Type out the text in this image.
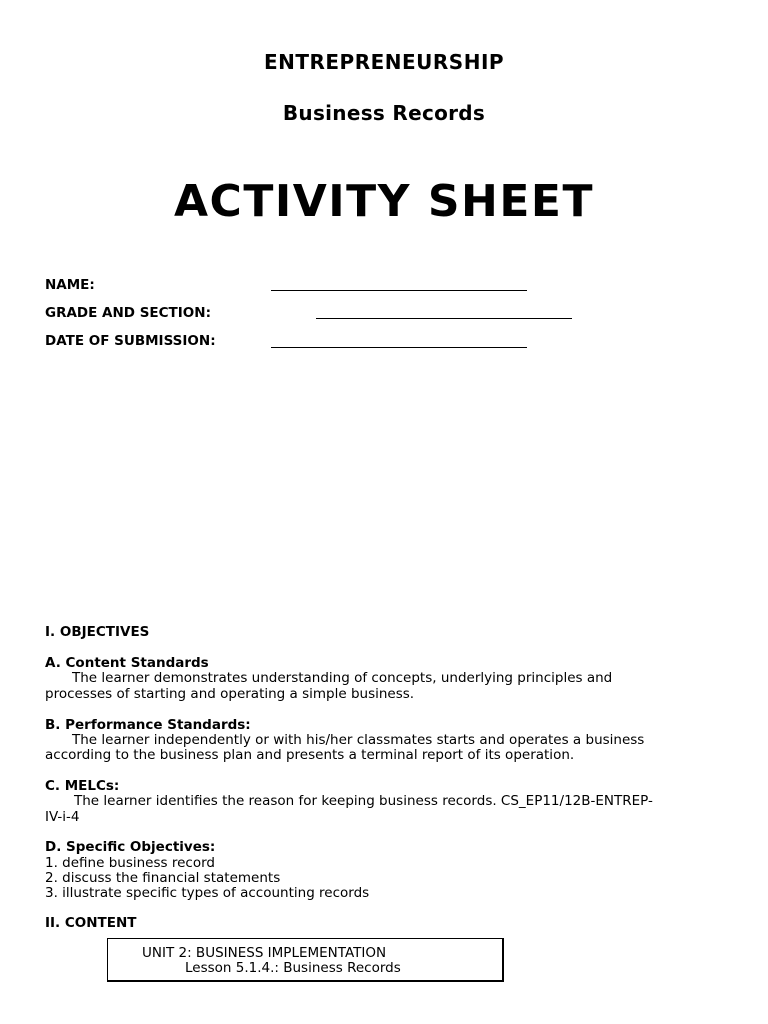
ENTREPRENEURSHIP
Business Records
ACTIVITY SHEET
NAME:
GRADE AND SECTION:
DATE OF SUBMISSION:
I. OBJECTIVES
A. Content Standards
The learner demonstrates understanding of concepts, underlying principles and
processes of starting and operating a simple business.
B. Performance Standards:
The learner independently or with his/her classmates starts and operates a business
according to the business plan and presents a terminal report of its operation.
C. MELCs:
The learner identifies the reason for keeping business records. CS_EP11/12B-ENTREP-
IV-i-4
D. Specific Objectives:
1. define business record
2. discuss the financial statements
3. illustrate specific types of accounting records
II. CONTENT
UNIT 2: BUSINESS IMPLEMENTATION
Lesson 5.1.4.: Business Records
